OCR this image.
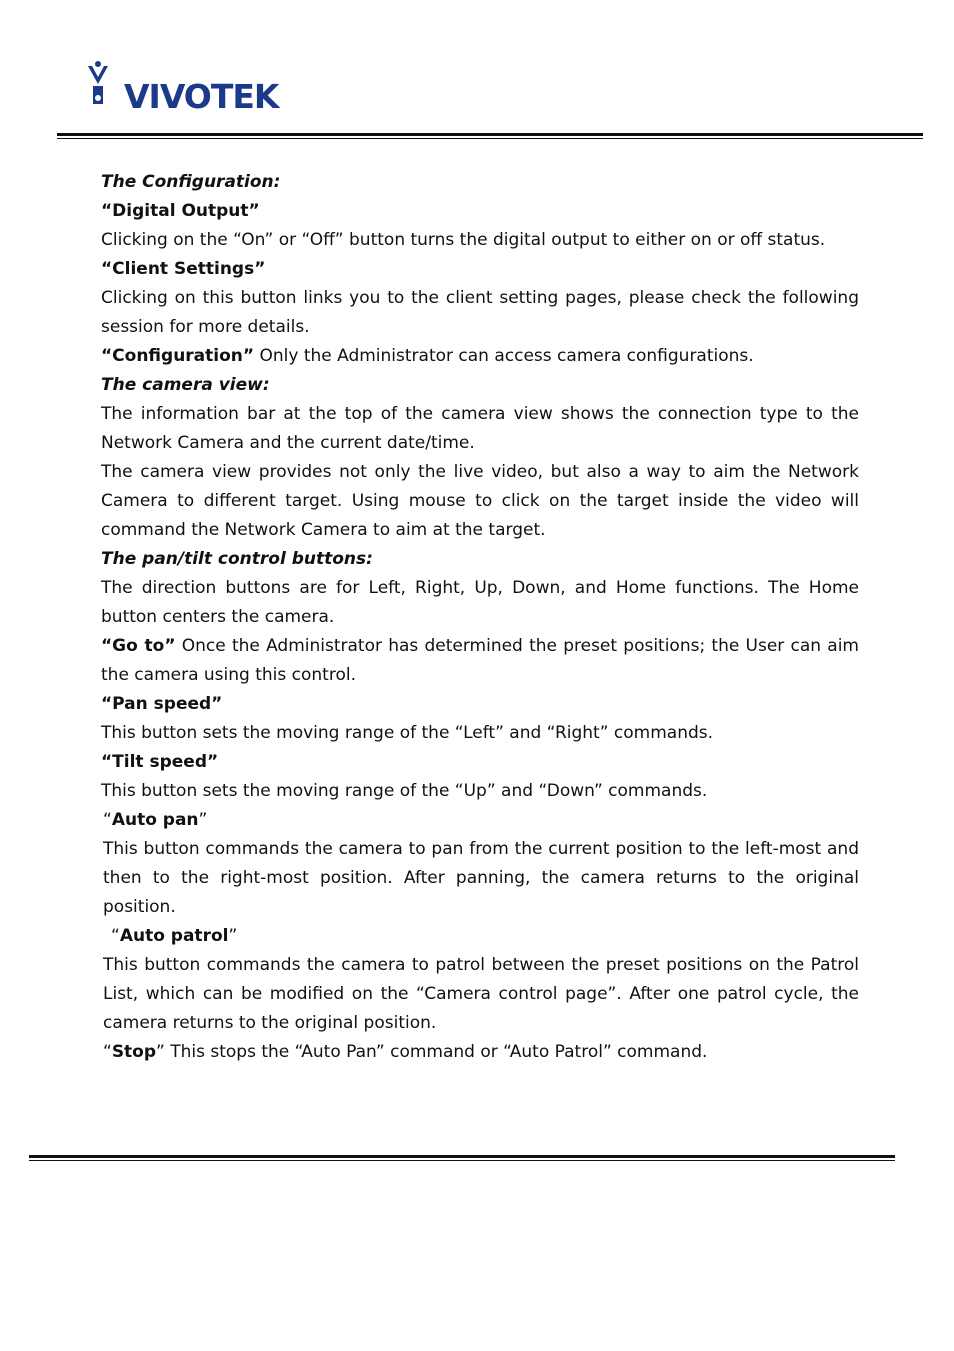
VIVOTEK

The Configuration:

“Digital Output”

Clicking on the “On” or “Off” button turns the digital output to either on or off status.

“Client Settings”

Clicking on this button links you to the client setting pages, please check the following session for more details.

“Configuration” Only the Administrator can access camera configurations.

The camera view:

The information bar at the top of the camera view shows the connection type to the Network Camera and the current date/time.

The camera view provides not only the live video, but also a way to aim the Network Camera to different target. Using mouse to click on the target inside the video will command the Network Camera to aim at the target.

The pan/tilt control buttons:

The direction buttons are for Left, Right, Up, Down, and Home functions. The Home button centers the camera.

“Go to” Once the Administrator has determined the preset positions; the User can aim the camera using this control.

“Pan speed”

This button sets the moving range of the “Left” and “Right” commands.

“Tilt speed”

This button sets the moving range of the “Up” and “Down” commands.

“Auto pan”

This button commands the camera to pan from the current position to the left-most and then to the right-most position. After panning, the camera returns to the original position.

“Auto patrol”

This button commands the camera to patrol between the preset positions on the Patrol List, which can be modified on the “Camera control page”. After one patrol cycle, the camera returns to the original position.

“Stop” This stops the “Auto Pan” command or “Auto Patrol” command.
